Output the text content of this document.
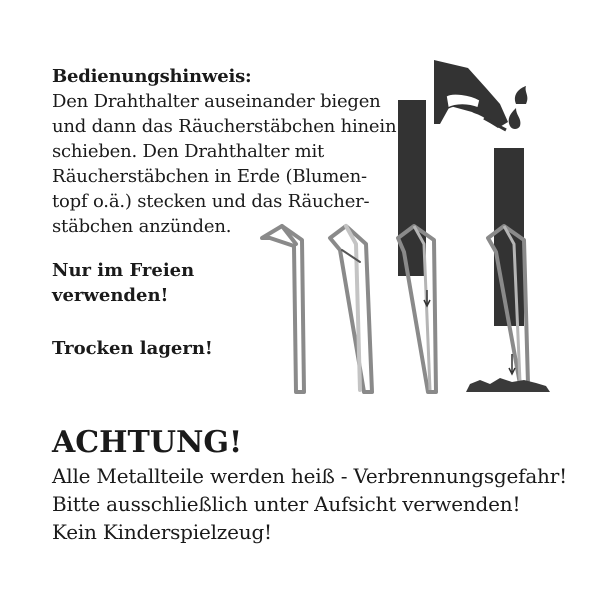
Bedienungshinweis:
Den Drahthalter auseinander biegen
und dann das Räucherstäbchen hinein
schieben. Den Drahthalter mit
Räucherstäbchen in Erde (Blumen-
topf o.ä.) stecken und das Räucher-
stäbchen anzünden.
Nur im Freien
verwenden!
Trocken lagern!
ACHTUNG!
Alle Metallteile werden heiß - Verbrennungsgefahr!
Bitte ausschließlich unter Aufsicht verwenden!
Kein Kinderspielzeug!
